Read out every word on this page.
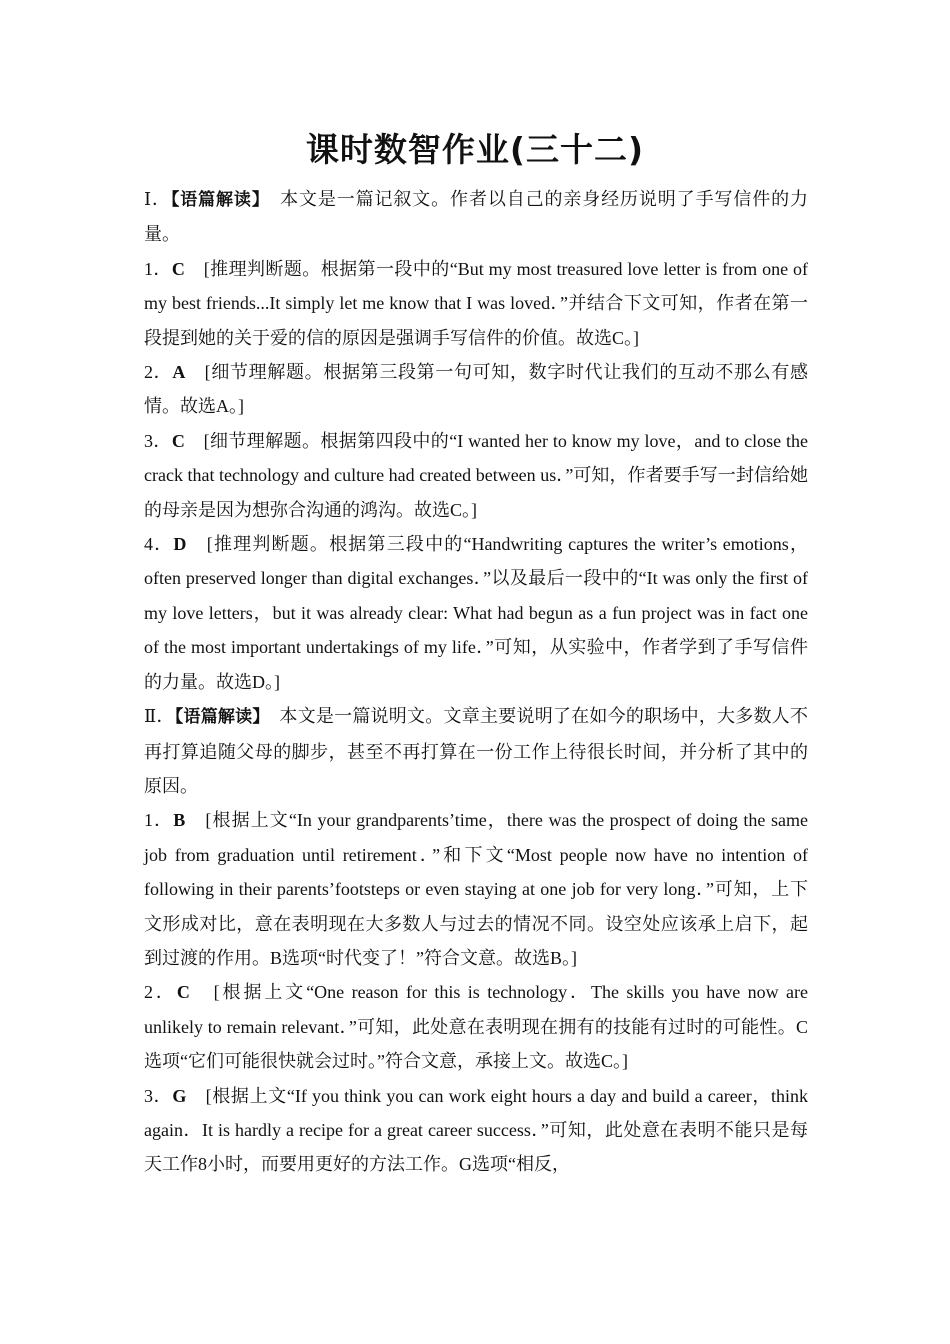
课时数智作业(三十二)

Ⅰ．【语篇解读】　本文是一篇记叙文。作者以自己的亲身经历说明了手写信件的力量。

1．C　[推理判断题。根据第一段中的“But my most treasured love letter is from one of my best friends...It simply let me know that I was loved．”并结合下文可知，作者在第一段提到她的关于爱的信的原因是强调手写信件的价值。故选C。]

2．A　[细节理解题。根据第三段第一句可知，数字时代让我们的互动不那么有感情。故选A。]

3．C　[细节理解题。根据第四段中的“I wanted her to know my love，and to close the crack that technology and culture had created between us．”可知，作者要手写一封信给她的母亲是因为想弥合沟通的鸿沟。故选C。]

4．D　[推理判断题。根据第三段中的“Handwriting captures the writer’s emotions，often preserved longer than digital exchanges．”以及最后一段中的“It was only the first of my love letters，but it was already clear: What had begun as a fun project was in fact one of the most important undertakings of my life．”可知，从实验中，作者学到了手写信件的力量。故选D。]

Ⅱ．【语篇解读】　本文是一篇说明文。文章主要说明了在如今的职场中，大多数人不再打算追随父母的脚步，甚至不再打算在一份工作上待很长时间，并分析了其中的原因。

1．B　[根据上文“In your grandparents’time，there was the prospect of doing the same job from graduation until retirement．”和下文“Most people now have no intention of following in their parents’footsteps or even staying at one job for very long．”可知，上下文形成对比，意在表明现在大多数人与过去的情况不同。设空处应该承上启下，起到过渡的作用。B选项“时代变了！”符合文意。故选B。]

2．C　[根据上文“One reason for this is technology．The skills you have now are unlikely to remain relevant．”可知，此处意在表明现在拥有的技能有过时的可能性。C选项“它们可能很快就会过时。”符合文意，承接上文。故选C。]

3．G　[根据上文“If you think you can work eight hours a day and build a career，think again．It is hardly a recipe for a great career success．”可知，此处意在表明不能只是每天工作8小时，而要用更好的方法工作。G选项“相反，
